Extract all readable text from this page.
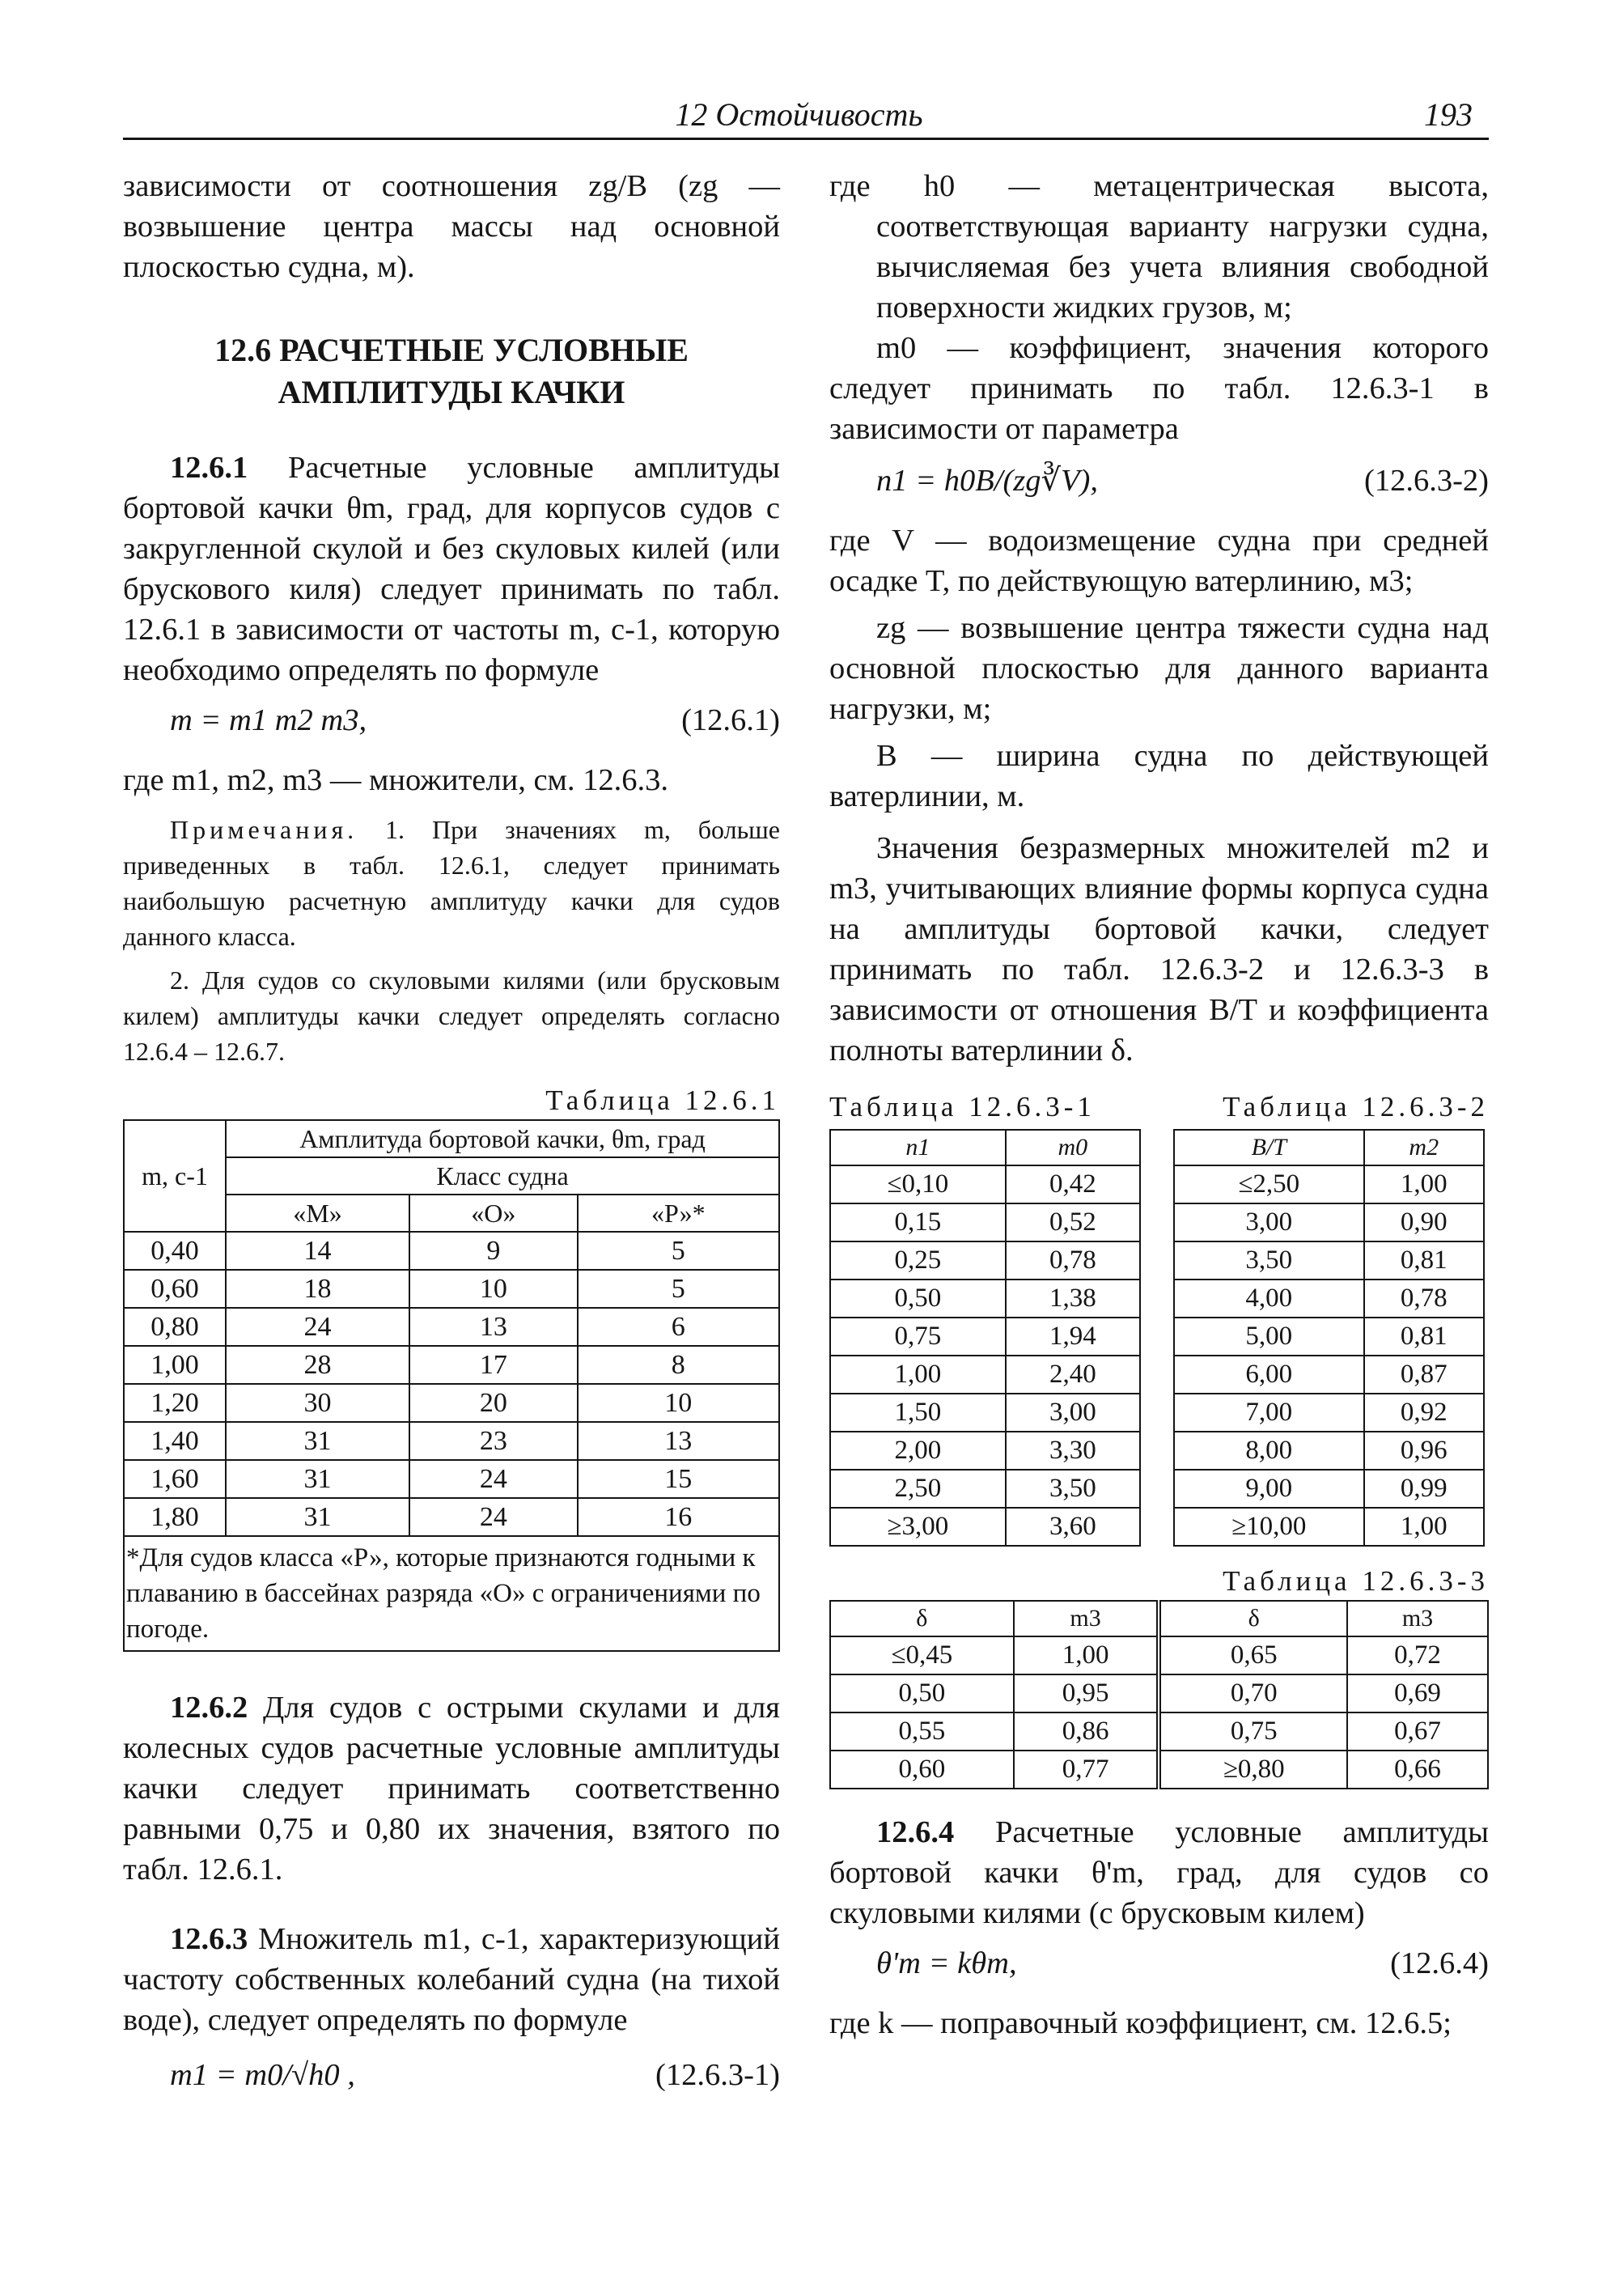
12 Остойчивость	193

зависимости от соотношения zg/B (zg — возвышение центра массы над основной плоскостью судна, м).

12.6 РАСЧЕТНЫЕ УСЛОВНЫЕ АМПЛИТУДЫ КАЧКИ

12.6.1 Расчетные условные амплитуды бортовой качки θm, град, для корпусов судов с закругленной скулой и без скуловых килей (или брускового киля) следует принимать по табл. 12.6.1 в зависимости от частоты m, с-1, которую необходимо определять по формуле

m = m1 m2 m3,	(12.6.1)

где m1, m2, m3 — множители, см. 12.6.3.

Примечания. 1. При значениях m, больше приведенных в табл. 12.6.1, следует принимать наибольшую расчетную амплитуду качки для судов данного класса.

2. Для судов со скуловыми килями (или брусковым килем) амплитуды качки следует определять согласно 12.6.4 – 12.6.7.

Таблица 12.6.1
m, с-1	Амплитуда бортовой качки, θm, град		
	Класс судна		
	«М»	«О»	«Р»*
0,40	14	9	5
0,60	18	10	5
0,80	24	13	6
1,00	28	17	8
1,20	30	20	10
1,40	31	23	13
1,60	31	24	15
1,80	31	24	16
*Для судов класса «Р», которые признаются годными к плаванию в бассейнах разряда «О» с ограничениями по погоде.			

12.6.2 Для судов с острыми скулами и для колесных судов расчетные условные амплитуды качки следует принимать соответственно равными 0,75 и 0,80 их значения, взятого по табл. 12.6.1.

12.6.3 Множитель m1, с-1, характеризующий частоту собственных колебаний судна (на тихой воде), следует определять по формуле

m1 = m0/√h0 ,	(12.6.3-1)

где h0 — метацентрическая высота, соответствующая варианту нагрузки судна, вычисляемая без учета влияния свободной поверхности жидких грузов, м;

m0 — коэффициент, значения которого следует принимать по табл. 12.6.3-1 в зависимости от параметра

n1 = h0B/(zg∛V),	(12.6.3-2)

где V — водоизмещение судна при средней осадке T, по действующую ватерлинию, м3;

zg — возвышение центра тяжести судна над основной плоскостью для данного варианта нагрузки, м;

B — ширина судна по действующей ватерлинии, м.

Значения безразмерных множителей m2 и m3, учитывающих влияние формы корпуса судна на амплитуды бортовой качки, следует принимать по табл. 12.6.3-2 и 12.6.3-3 в зависимости от отношения B/T и коэффициента полноты ватерлинии δ.

Таблица 12.6.3-1
n1	m0
≤0,10	0,42
0,15	0,52
0,25	0,78
0,50	1,38
0,75	1,94
1,00	2,40
1,50	3,00
2,00	3,30
2,50	3,50
≥3,00	3,60
Таблица 12.6.3-2
B/T	m2
≤2,50	1,00
3,00	0,90
3,50	0,81
4,00	0,78
5,00	0,81
6,00	0,87
7,00	0,92
8,00	0,96
9,00	0,99
≥10,00	1,00
Таблица 12.6.3-3
δ	m3	δ	m3
≤0,45	1,00	0,65	0,72
0,50	0,95	0,70	0,69
0,55	0,86	0,75	0,67
0,60	0,77	≥0,80	0,66

12.6.4 Расчетные условные амплитуды бортовой качки θ'm, град, для судов со скуловыми килями (с брусковым килем)

θ'm = kθm,	(12.6.4)

где k — поправочный коэффициент, см. 12.6.5;
